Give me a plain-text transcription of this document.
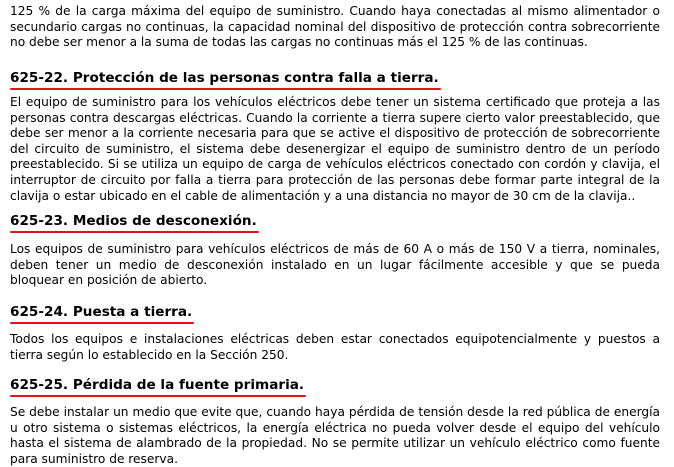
125 % de la carga máxima del equipo de suministro. Cuando haya conectadas al mismo alimentador o secundario cargas no continuas, la capacidad nominal del dispositivo de protección contra sobrecorriente no debe ser menor a la suma de todas las cargas no continuas más el 125 % de las continuas.

625-22. Protección de las personas contra falla a tierra.

El equipo de suministro para los vehículos eléctricos debe tener un sistema certificado que proteja a las personas contra descargas eléctricas. Cuando la corriente a tierra supere cierto valor preestablecido, que debe ser menor a la corriente necesaria para que se active el dispositivo de protección de sobrecorriente del circuito de suministro, el sistema debe desenergizar el equipo de suministro dentro de un período preestablecido. Si se utiliza un equipo de carga de vehículos eléctricos conectado con cordón y clavija, el interruptor de circuito por falla a tierra para protección de las personas debe formar parte integral de la clavija o estar ubicado en el cable de alimentación y a una distancia no mayor de 30 cm de la clavija..

625-23. Medios de desconexión.

Los equipos de suministro para vehículos eléctricos de más de 60 A o más de 150 V a tierra, nominales, deben tener un medio de desconexión instalado en un lugar fácilmente accesible y que se pueda bloquear en posición de abierto.

625-24. Puesta a tierra.

Todos los equipos e instalaciones eléctricas deben estar conectados equipotencialmente y puestos a tierra según lo establecido en la Sección 250.

625-25. Pérdida de la fuente primaria.

Se debe instalar un medio que evite que, cuando haya pérdida de tensión desde la red pública de energía u otro sistema o sistemas eléctricos, la energía eléctrica no pueda volver desde el equipo del vehículo hasta el sistema de alambrado de la propiedad. No se permite utilizar un vehículo eléctrico como fuente para suministro de reserva.
